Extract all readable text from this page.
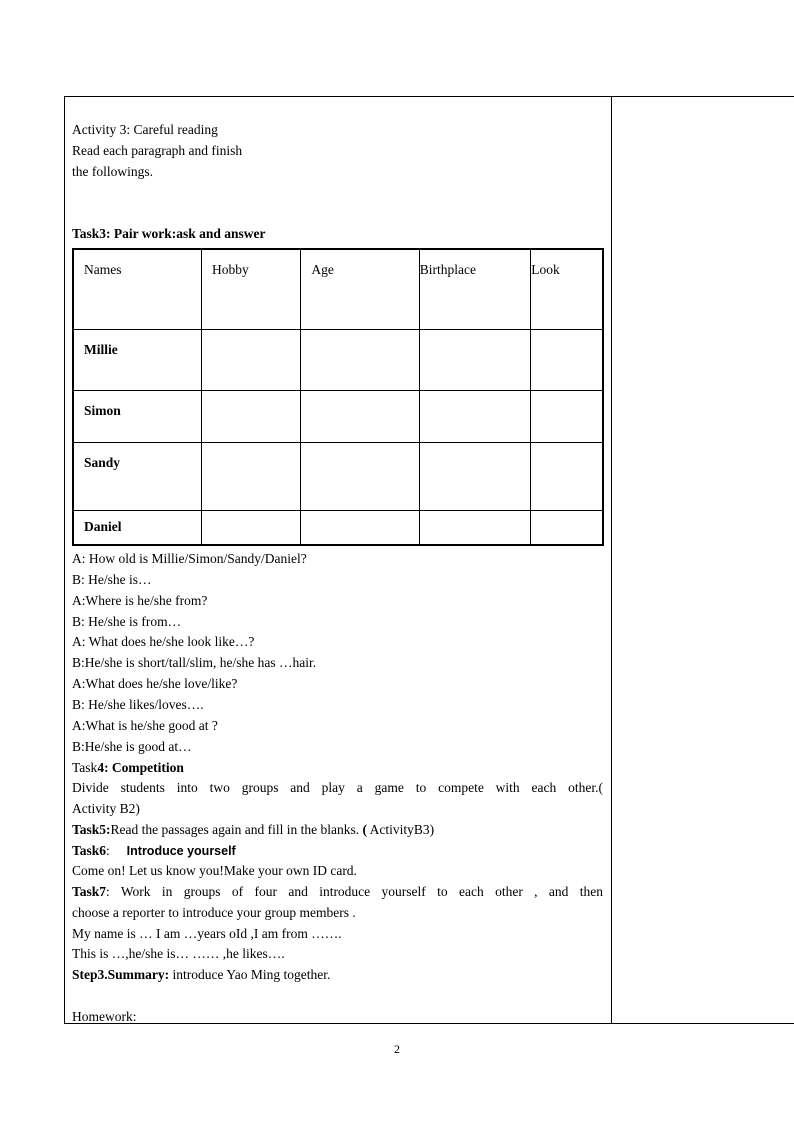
Activity 3: Careful reading
Read each paragraph and finish
the followings.
Task3: Pair work:ask and answer
Names	Hobby	Age	Birthplace	Look
Millie				
Simon				
Sandy				
Daniel				
A: How old is Millie/Simon/Sandy/Daniel?
B: He/she is…
A:Where is he/she from?
B: He/she is from…
A: What does he/she look like…?
B:He/she is short/tall/slim, he/she has …hair.
A:What does he/she love/like?
B: He/she likes/loves….
A:What is he/she good at ?
B:He/she is good at…
Task4: Competition
Divide students into two groups and play a game to compete with each other.(
Activity B2)
Task5:Read the passages again and fill in the blanks. ( ActivityB3)
Task6:     Introduce yourself
Come on! Let us know you!Make your own ID card.
Task7: Work in groups of four and introduce yourself to each other , and then
choose a reporter to introduce your group members .
My name is … I am …years oId ,I am from …….
This is …,he/she is… …… ,he likes….
Step3.Summary: introduce Yao Ming together.
Homework:
2
